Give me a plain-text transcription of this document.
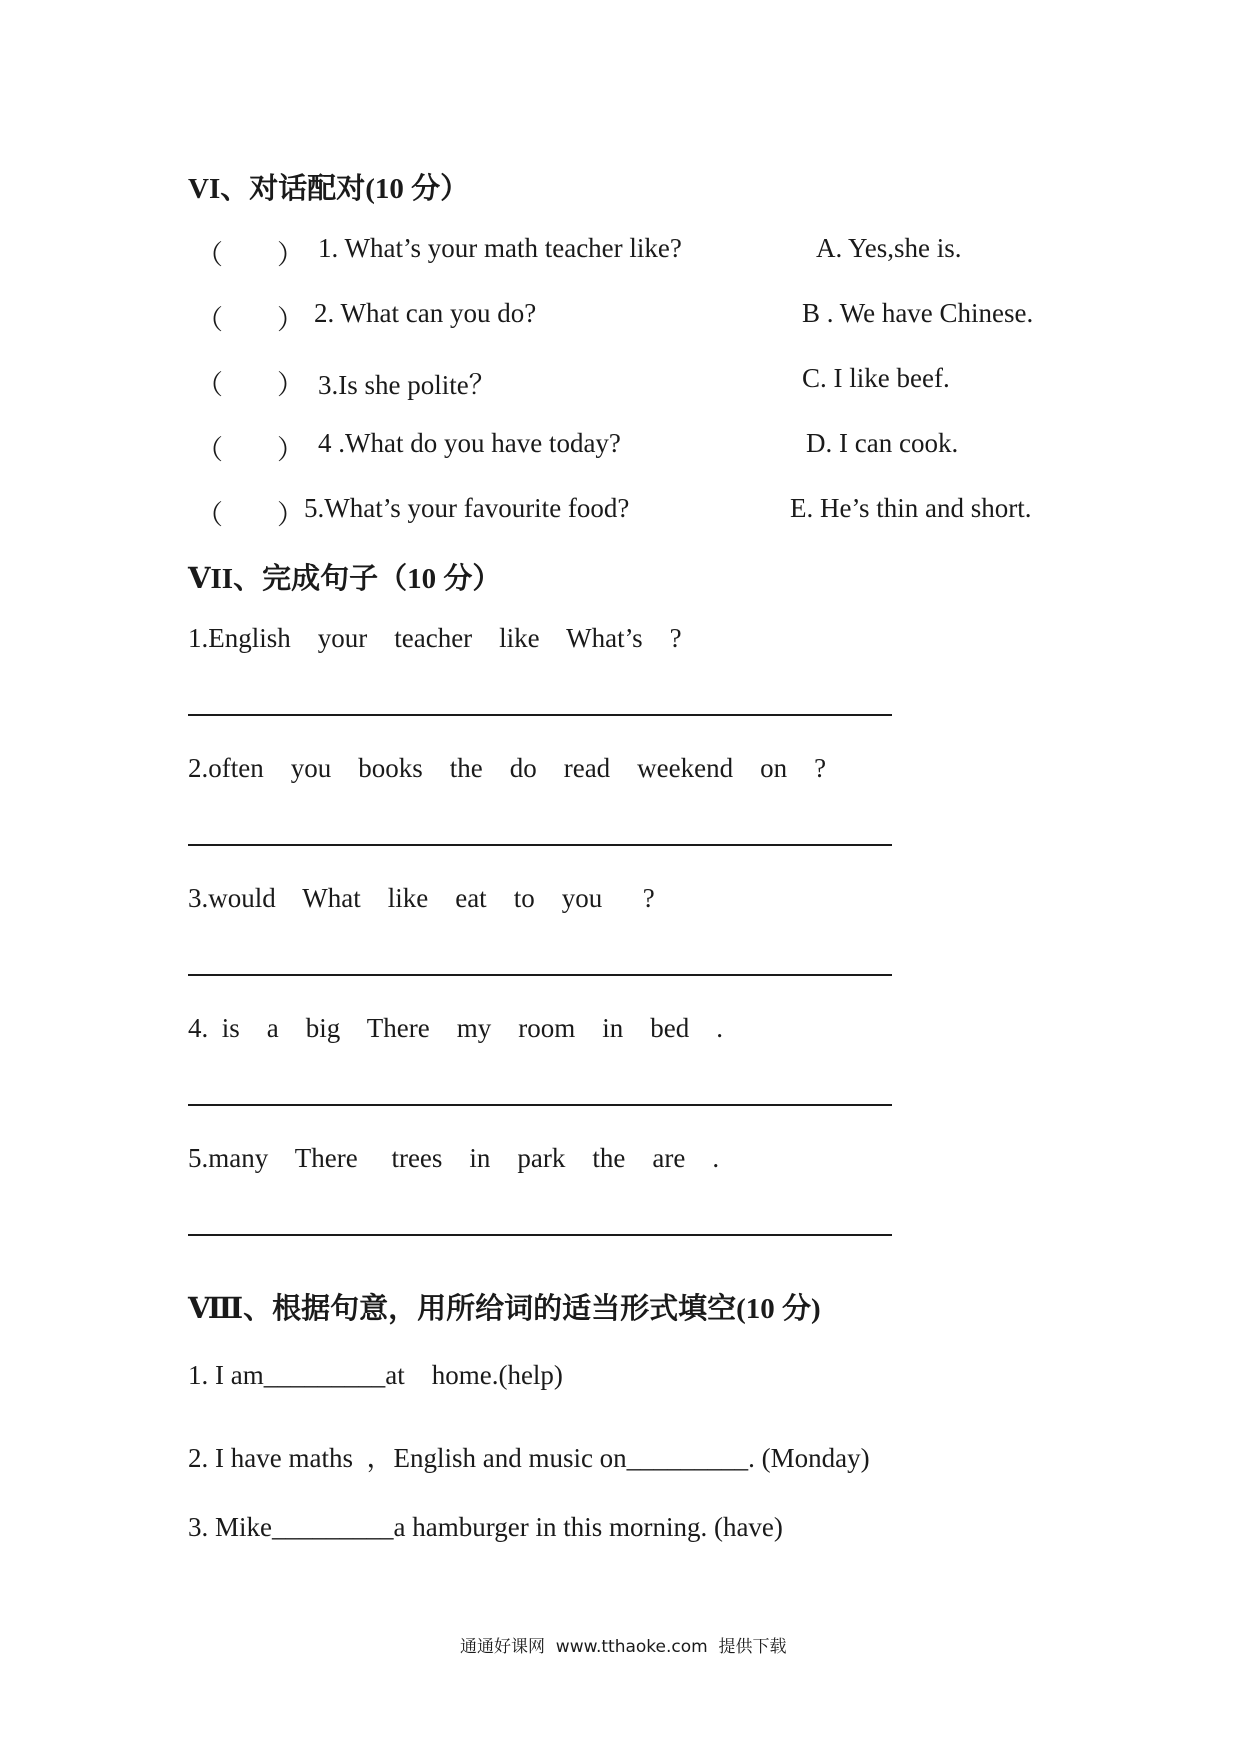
VI、对话配对(10 分）
（        ） 1. What’s your math teacher like?	A. Yes,she is.
（        ） 2. What can you do?	B . We have Chinese.
（        ） 3.Is she polite？	C. I like beef.
（        ） 4 .What do you have today?	D. I can cook.
（        ） 5.What’s your favourite food?	E. He’s thin and short.
ⅤII、完成句子（10 分）
1.English    your    teacher    like    What’s    ?
2.often    you    books    the    do    read    weekend    on    ?
3.would    What    like    eat    to    you      ?
4.  is    a    big    There    my    room    in    bed    .
5.many    There     trees    in    park    the    are    .
Ⅷ、根据句意，用所给词的适当形式填空(10 分)
1. I am_________at    home.(help)
2. I have maths  ，English and music on_________. (Monday)
3. Mike_________a hamburger in this morning. (have)
通通好课网  www.tthaoke.com  提供下载
